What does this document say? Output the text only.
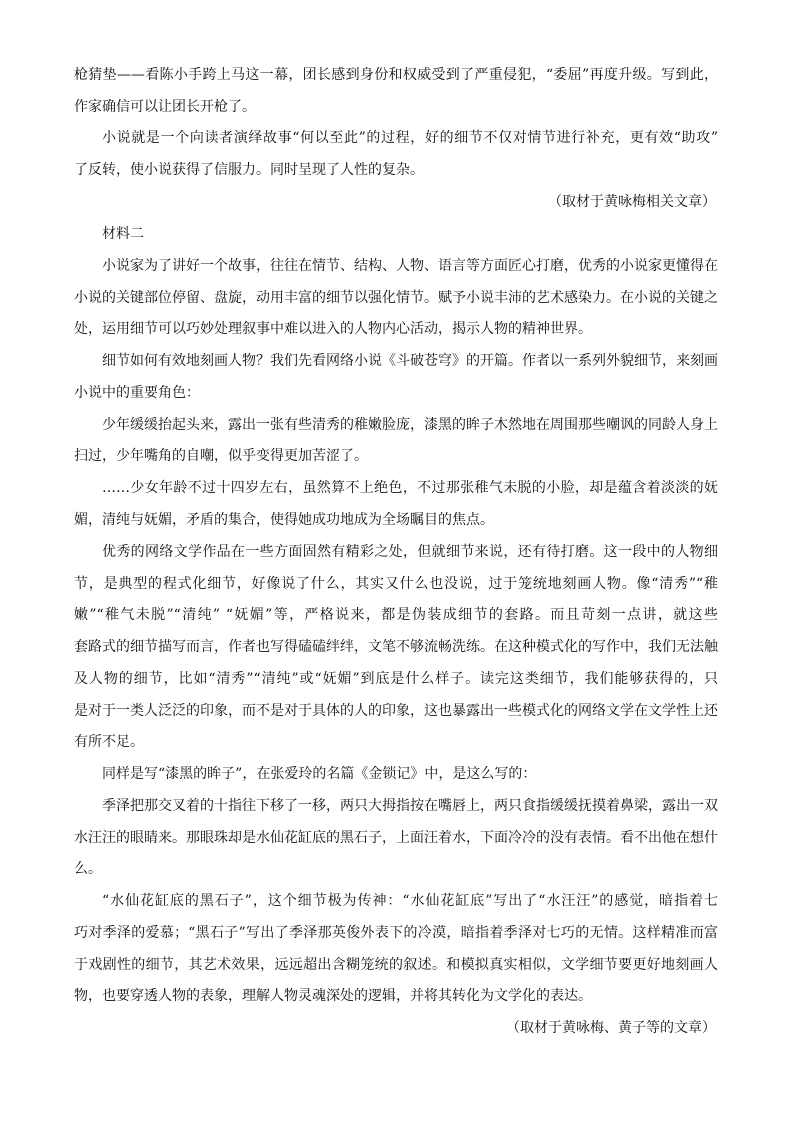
枪猜垫——看陈小手跨上马这一幕，团长感到身份和权威受到了严重侵犯，“委屈”再度升级。写到此，
作家确信可以让团长开枪了。
小说就是一个向读者演绎故事“何以至此”的过程，好的细节不仅对情节进行补充，更有效“助攻”
了反转，使小说获得了信服力。同时呈现了人性的复杂。
（取材于黄咏梅相关文章）
材料二
小说家为了讲好一个故事，往往在情节、结构、人物、语言等方面匠心打磨，优秀的小说家更懂得在
小说的关键部位停留、盘旋，动用丰富的细节以强化情节。赋予小说丰沛的艺术感染力。在小说的关键之
处，运用细节可以巧妙处理叙事中难以进入的人物内心活动，揭示人物的精神世界。
细节如何有效地刻画人物？我们先看网络小说《斗破苍穹》的开篇。作者以一系列外貌细节，来刻画
小说中的重要角色：
少年缓缓抬起头来，露出一张有些清秀的稚嫩脸庞，漆黑的眸子木然地在周围那些嘲讽的同龄人身上
扫过，少年嘴角的自嘲，似乎变得更加苦涩了。
……少女年龄不过十四岁左右，虽然算不上绝色，不过那张稚气未脱的小脸，却是蕴含着淡淡的妩
媚，清纯与妩媚，矛盾的集合，使得她成功地成为全场瞩目的焦点。
优秀的网络文学作品在一些方面固然有精彩之处，但就细节来说，还有待打磨。这一段中的人物细
节，是典型的程式化细节，好像说了什么，其实又什么也没说，过于笼统地刻画人物。像“清秀”“稚
嫩”“稚气未脱”“清纯” “妩媚”等，严格说来，都是伪装成细节的套路。而且苛刻一点讲，就这些
套路式的细节描写而言，作者也写得磕磕绊绊，文笔不够流畅洗练。在这种模式化的写作中，我们无法触
及人物的细节，比如“清秀”“清纯”或“妩媚”到底是什么样子。读完这类细节，我们能够获得的，只
是对于一类人泛泛的印象，而不是对于具体的人的印象，这也暴露出一些模式化的网络文学在文学性上还
有所不足。
同样是写“漆黑的眸子”，在张爱玲的名篇《金锁记》中，是这么写的：
季泽把那交叉着的十指往下移了一移，两只大拇指按在嘴唇上，两只食指缓缓抚摸着鼻梁，露出一双
水汪汪的眼睛来。那眼珠却是水仙花缸底的黑石子，上面汪着水，下面冷冷的没有表情。看不出他在想什
么。
“水仙花缸底的黑石子”，这个细节极为传神：“水仙花缸底”写出了“水汪汪”的感觉，暗指着七
巧对季泽的爱慕；“黑石子”写出了季泽那英俊外表下的冷漠，暗指着季泽对七巧的无情。这样精准而富
于戏剧性的细节，其艺术效果，远远超出含糊笼统的叙述。和模拟真实相似，文学细节要更好地刻画人
物，也要穿透人物的表象，理解人物灵魂深处的逻辑，并将其转化为文学化的表达。
（取材于黄咏梅、黄子等的文章）
